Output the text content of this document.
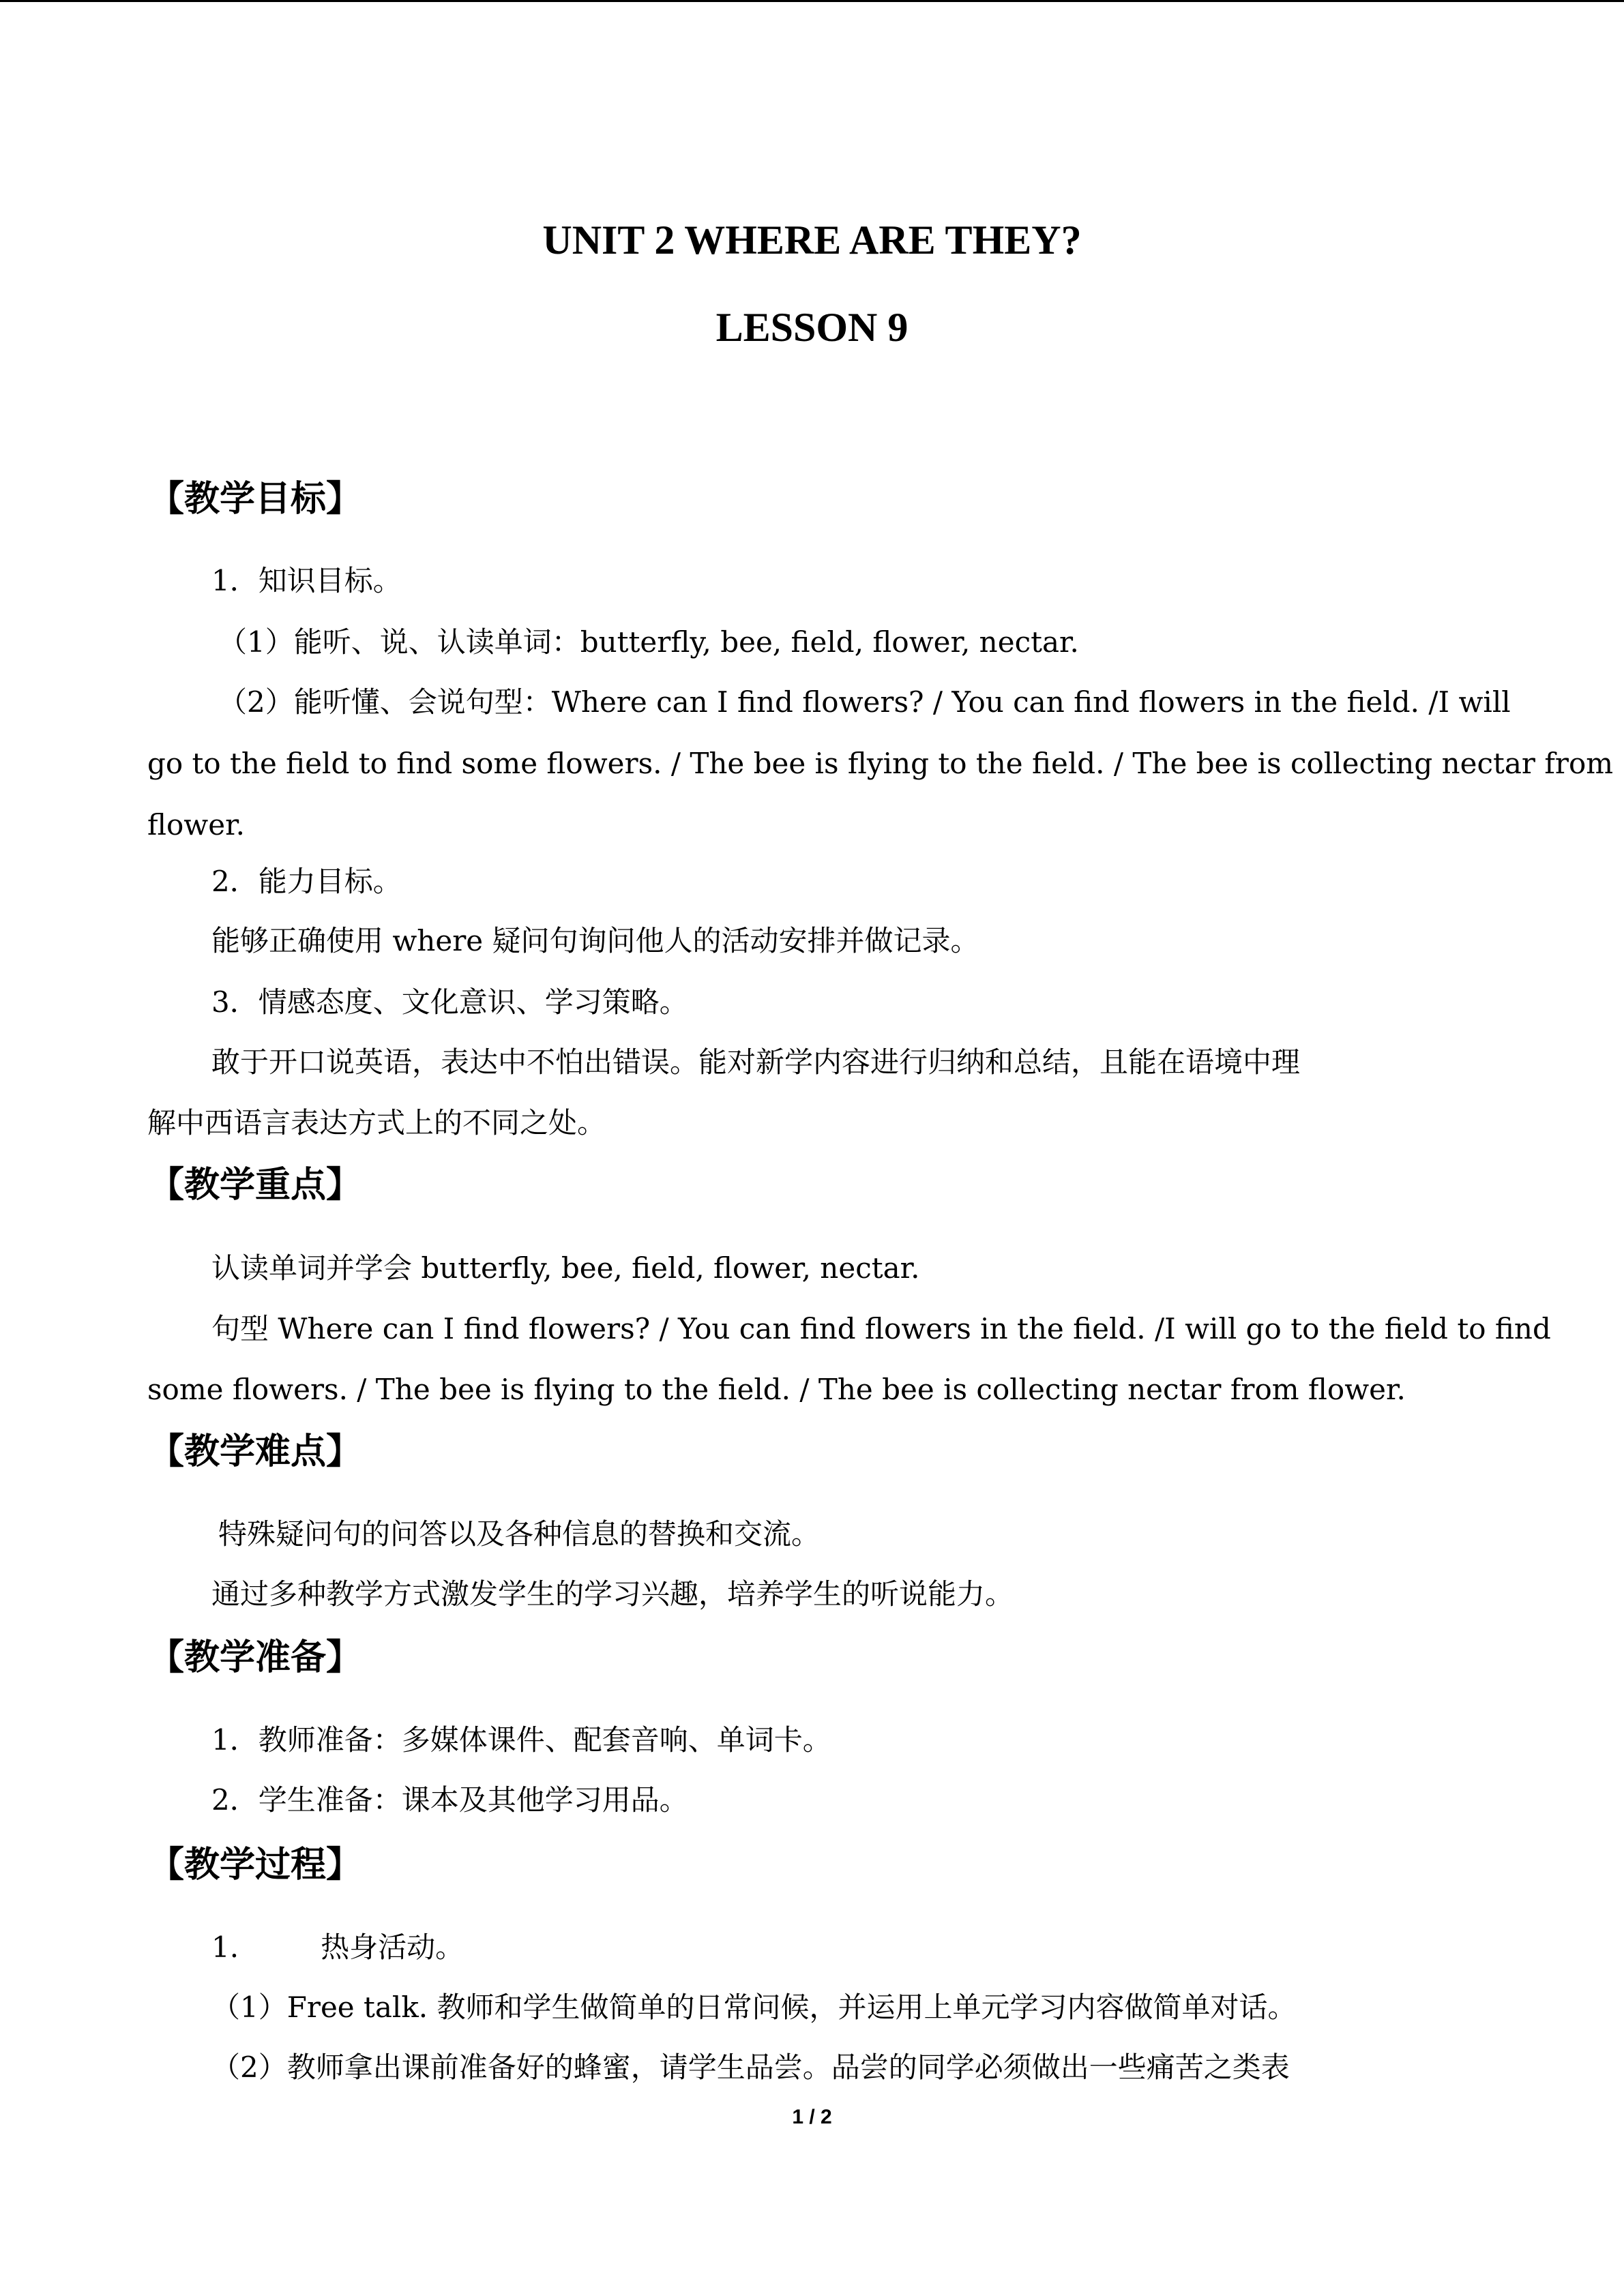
UNIT 2 WHERE ARE THEY?
LESSON 9
【教学目标】
1．知识目标。
（1）能听、说、认读单词：butterfly, bee, field, flower, nectar.
（2）能听懂、会说句型：Where can I find flowers? / You can find flowers in the field. /I will
go to the field to find some flowers. / The bee is flying to the field. / The bee is collecting nectar from
flower.
2．能力目标。
能够正确使用 where 疑问句询问他人的活动安排并做记录。
3．情感态度、文化意识、学习策略。
敢于开口说英语，表达中不怕出错误。能对新学内容进行归纳和总结，且能在语境中理
解中西语言表达方式上的不同之处。
【教学重点】
认读单词并学会 butterfly, bee, field, flower, nectar.
句型 Where can I find flowers? / You can find flowers in the field. /I will go to the field to find
some flowers. / The bee is flying to the field. / The bee is collecting nectar from flower.
【教学难点】
特殊疑问句的问答以及各种信息的替换和交流。
通过多种教学方式激发学生的学习兴趣，培养学生的听说能力。
【教学准备】
1．教师准备：多媒体课件、配套音响、单词卡。
2．学生准备：课本及其他学习用品。
【教学过程】
1.	热身活动。
（1）Free talk. 教师和学生做简单的日常问候，并运用上单元学习内容做简单对话。
（2）教师拿出课前准备好的蜂蜜，请学生品尝。品尝的同学必须做出一些痛苦之类表
1 / 2
